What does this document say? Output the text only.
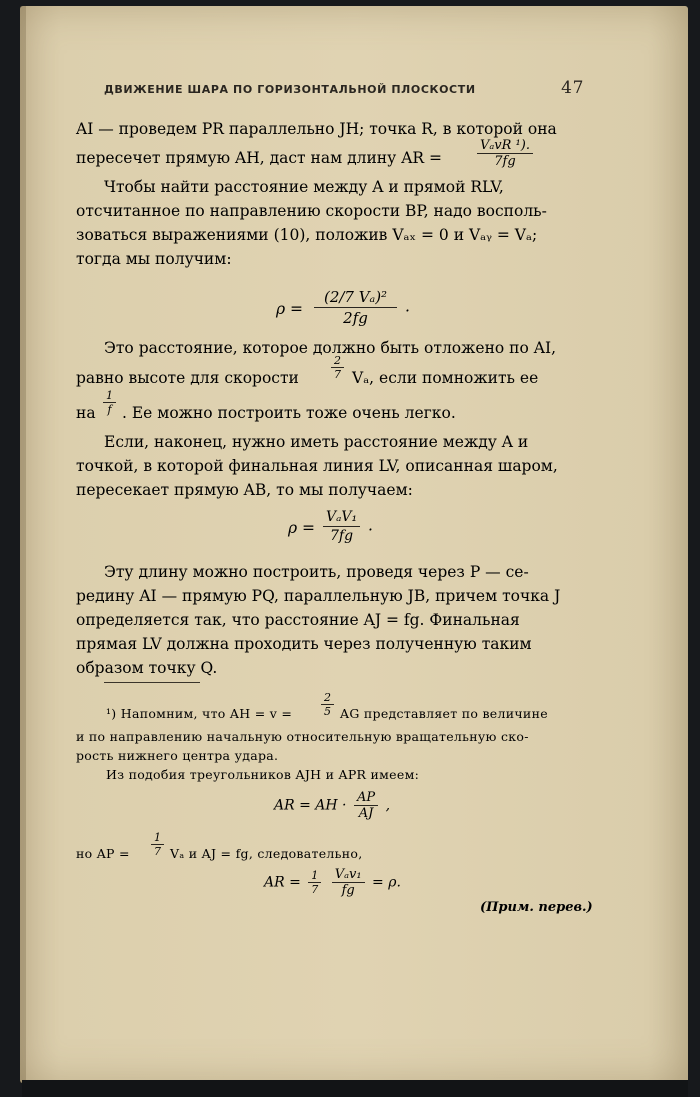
ДВИЖЕНИЕ ШАРА ПО ГОРИЗОНТАЛЬНОЙ ПЛОСКОСТИ	47
AI — проведем PR параллельно JH; точка R, в которой она
пересечет прямую AH, даст нам длину AR =	$\frac{\text{VₐvR ¹).}}{7fg}$
Чтобы найти расстояние между A и прямой RLV,
отсчитанное по направлению скорости BP, надо восполь-
зоваться выражениями (10), положив Vₐₓ = 0 и Vₐᵧ = Vₐ;
тогда мы получим:
$\rho = \frac{\text{(2/7 Vₐ)²}}{2fg}$ .
Это расстояние, которое должно быть отложено по AI,
равно высоте для скорости	$\frac{2}{7} V_a$, если помножить ее
на $\frac{1}{f}$ . Ее можно построить тоже очень легко.
Если, наконец, нужно иметь расстояние между A и
точкой, в которой финальная линия LV, описанная шаром,
пересекает прямую AB, то мы получаем:
$\rho = \frac{\text{VₐV₁}}{7fg}$ .
Эту длину можно построить, проведя через P — се-
редину AI — прямую PQ, параллельную JB, причем точка J
определяется так, что расстояние AJ = fg. Финальная
прямая LV должна проходить через полученную таким
образом точку Q.
¹) Напомним, что AH = v =	$\frac{2}{5}$ AG представляет по величине
и по направлению начальную относительную вращательную ско-
рость нижнего центра удара.
Из подобия треугольников AJH и APR имеем:
AR = AH · $\frac{AP}{AJ}$ ,
но AP = $\frac{1}{7}$ Vₐ и AJ = fg, следовательно,
AR = $\frac{1}{7}$
$\frac{\text{Vₐv₁}}{fg} = \rho$.
(Прим. перев.)
